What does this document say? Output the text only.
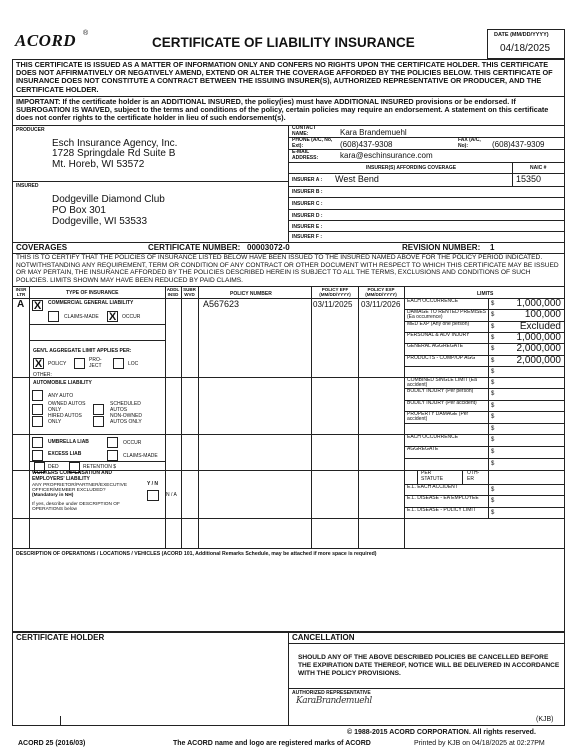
ACORD ®
CERTIFICATE OF LIABILITY INSURANCE	DATE (MM/DD/YYYY)
04/18/2025
THIS CERTIFICATE IS ISSUED AS A MATTER OF INFORMATION ONLY AND CONFERS NO RIGHTS UPON THE CERTIFICATE HOLDER. THIS CERTIFICATE DOES NOT AFFIRMATIVELY OR NEGATIVELY AMEND, EXTEND OR ALTER THE COVERAGE AFFORDED BY THE POLICIES BELOW. THIS CERTIFICATE OF INSURANCE DOES NOT CONSTITUTE A CONTRACT BETWEEN THE ISSUING INSURER(S), AUTHORIZED REPRESENTATIVE OR PRODUCER, AND THE CERTIFICATE HOLDER.
IMPORTANT: If the certificate holder is an ADDITIONAL INSURED, the policy(ies) must have ADDITIONAL INSURED provisions or be endorsed. If SUBROGATION IS WAIVED, subject to the terms and conditions of the policy, certain policies may require an endorsement. A statement on this certificate does not confer rights to the certificate holder in lieu of such endorsement(s).
PRODUCER
Esch Insurance Agency, Inc.
1728 Springdale Rd Suite B
Mt. Horeb, WI 53572
CONTACT NAME:	Kara Brandemuehl
PHONE (A/C, No, Ext):	(608)437-9308	FAX (A/C, No):	(608)437-9309
E-MAIL ADDRESS:	kara@eschinsurance.com
INSURER(S) AFFORDING COVERAGE	NAIC #
INSURER A : West Bend	15350
INSURER B :
INSURER C :
INSURER D :
INSURER E :
INSURER F :
INSURED
Dodgeville Diamond Club
PO Box 301
Dodgeville, WI 53533
COVERAGES	CERTIFICATE NUMBER: 00003072-0	REVISION NUMBER: 1
THIS IS TO CERTIFY THAT THE POLICIES OF INSURANCE LISTED BELOW HAVE BEEN ISSUED TO THE INSURED NAMED ABOVE FOR THE POLICY PERIOD INDICATED. NOTWITHSTANDING ANY REQUIREMENT, TERM OR CONDITION OF ANY CONTRACT OR OTHER DOCUMENT WITH RESPECT TO WHICH THIS CERTIFICATE MAY BE ISSUED OR MAY PERTAIN, THE INSURANCE AFFORDED BY THE POLICIES DESCRIBED HEREIN IS SUBJECT TO ALL THE TERMS, EXCLUSIONS AND CONDITIONS OF SUCH POLICIES. LIMITS SHOWN MAY HAVE BEEN REDUCED BY PAID CLAIMS.
INSR LTR	TYPE OF INSURANCE
ADDL INSD
SUBR WVD	POLICY NUMBER
POLICY EFF (MM/DD/YYYY)
POLICY EXP (MM/DD/YYYY)	LIMITS
A X	COMMERCIAL GENERAL LIABILITY
CLAIMS-MADE X	OCCUR
GEN'L AGGREGATE LIMIT APPLIES PER:
X	POLICY
PRO-JECT	LOC
OTHER:
A567623	03/11/2025 03/11/2026 EACH OCCURRENCE	$ 1,000,000
DAMAGE TO RENTED PREMISES (Ea occurrence)	$	100,000
MED EXP (Any one person)	$	Excluded
PERSONAL & ADV INJURY	$ 1,000,000
GENERAL AGGREGATE	$ 2,000,000
PRODUCTS - COMP/OP AGG	$ 2,000,000
$
AUTOMOBILE LIABILITY
ANY AUTO
OWNED AUTOS ONLY
SCHEDULED AUTOS
HIRED AUTOS ONLY
NON-OWNED AUTOS ONLY
COMBINED SINGLE LIMIT (Ea accident)	$
BODILY INJURY (Per person)	$
BODILY INJURY (Per accident)	$
PROPERTY DAMAGE (Per accident)	$
$
UMBRELLA LIAB	OCCUR
EXCESS LIAB	CLAIMS-MADE
DED	RETENTION $
EACH OCCURRENCE	$
AGGREGATE	$
$
WORKERS COMPENSATION AND EMPLOYERS' LIABILITY
Y / N
ANY PROPRIETOR/PARTNER/EXECUTIVE OFFICER/MEMBER EXCLUDED?
(Mandatory in NH)
If yes, describe under DESCRIPTION OF OPERATIONS below
N / A
PER STATUTE
OTH-ER
E.L. EACH ACCIDENT	$
E.L. DISEASE - EA EMPLOYEE	$
E.L. DISEASE - POLICY LIMIT	$
DESCRIPTION OF OPERATIONS / LOCATIONS / VEHICLES (ACORD 101, Additional Remarks Schedule, may be attached if more space is required)
CERTIFICATE HOLDER	CANCELLATION
SHOULD ANY OF THE ABOVE DESCRIBED POLICIES BE CANCELLED BEFORE THE EXPIRATION DATE THEREOF, NOTICE WILL BE DELIVERED IN ACCORDANCE WITH THE POLICY PROVISIONS.
AUTHORIZED REPRESENTATIVE
KaraBrandemuehl
(KJB)
© 1988-2015 ACORD CORPORATION. All rights reserved.
ACORD 25 (2016/03)	The ACORD name and logo are registered marks of ACORD	Printed by KJB on 04/18/2025 at 02:27PM
